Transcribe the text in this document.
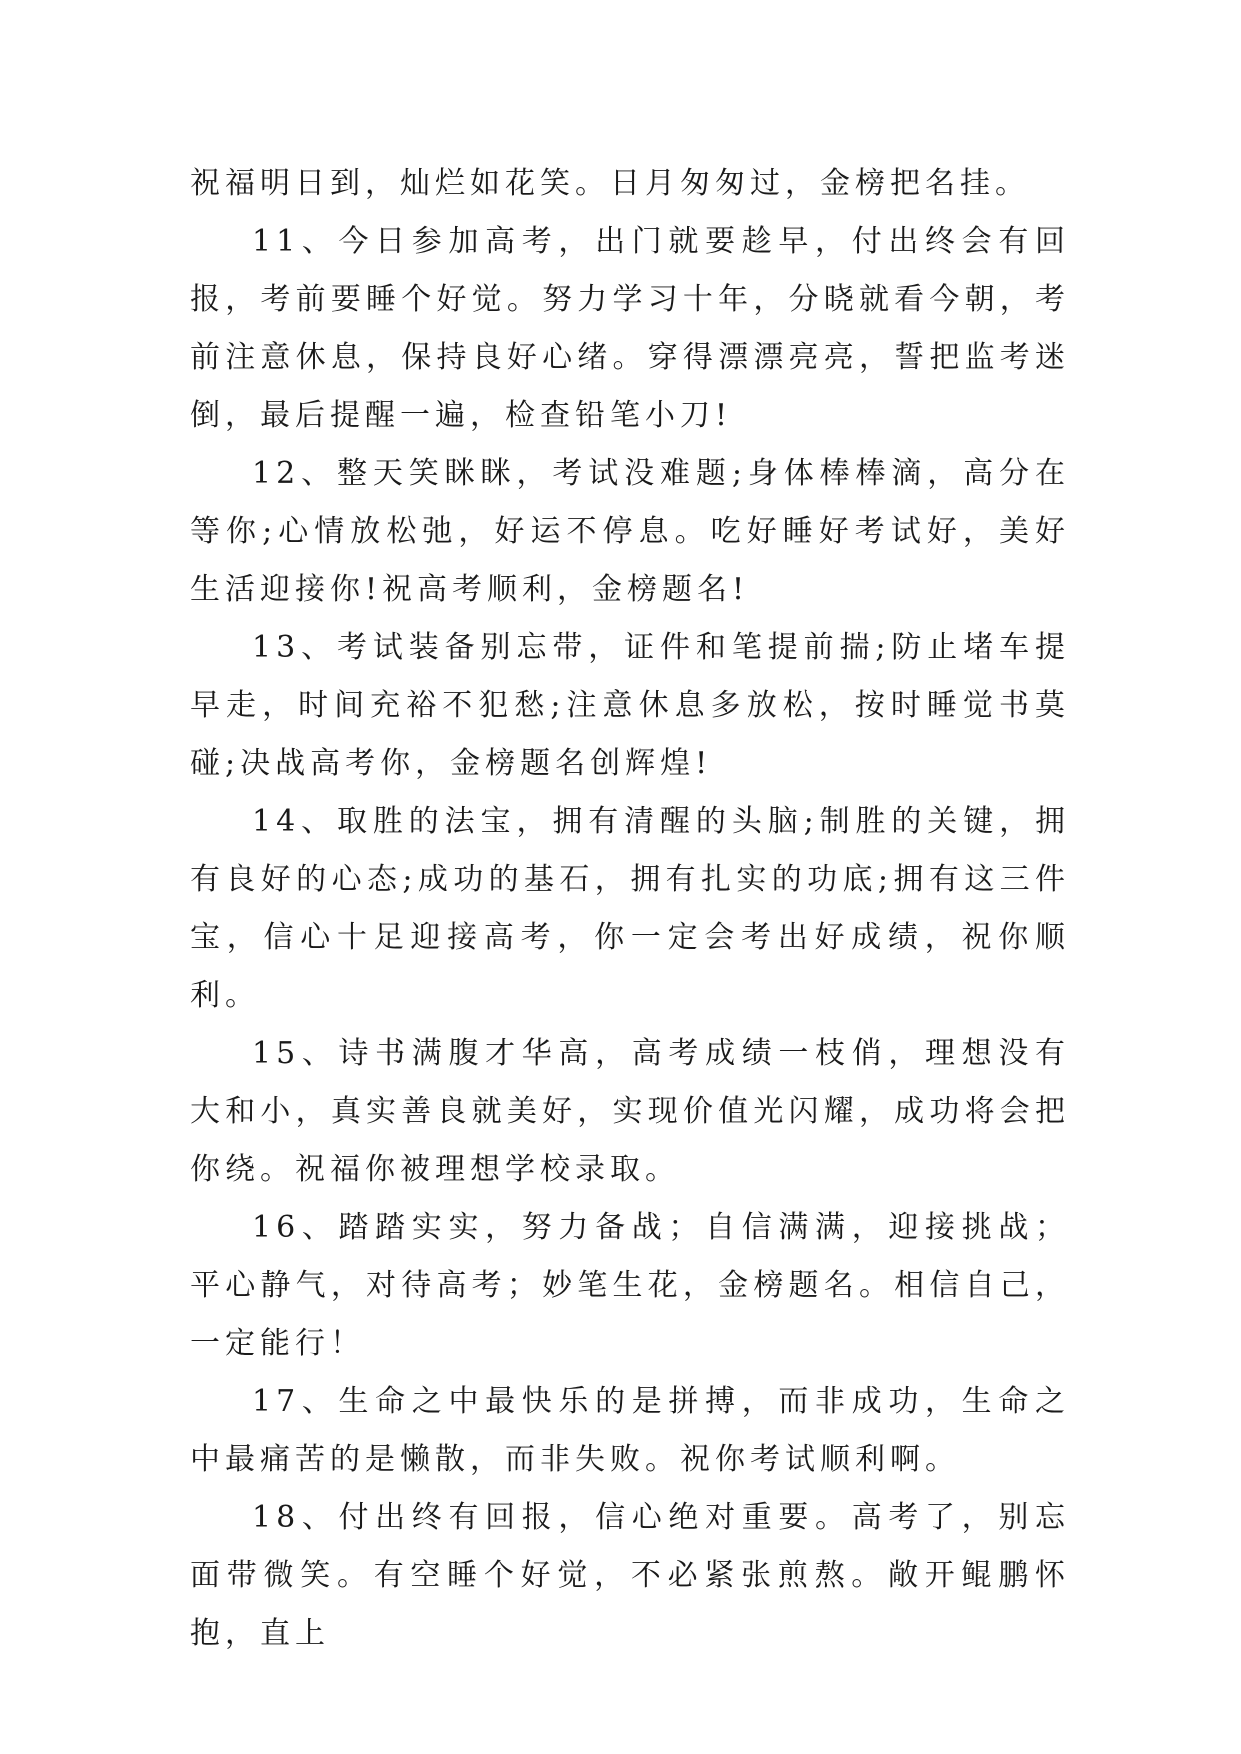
祝福明日到，灿烂如花笑。日月匆匆过，金榜把名挂。

11、今日参加高考，出门就要趁早，付出终会有回报，考前要睡个好觉。努力学习十年，分晓就看今朝，考前注意休息，保持良好心绪。穿得漂漂亮亮，誓把监考迷倒，最后提醒一遍，检查铅笔小刀!

12、整天笑眯眯，考试没难题;身体棒棒滴，高分在等你;心情放松弛，好运不停息。吃好睡好考试好，美好生活迎接你!祝高考顺利，金榜题名!

13、考试装备别忘带，证件和笔提前揣;防止堵车提早走，时间充裕不犯愁;注意休息多放松，按时睡觉书莫碰;决战高考你，金榜题名创辉煌!

14、取胜的法宝，拥有清醒的头脑;制胜的关键，拥有良好的心态;成功的基石，拥有扎实的功底;拥有这三件宝，信心十足迎接高考，你一定会考出好成绩，祝你顺利。

15、诗书满腹才华高，高考成绩一枝俏，理想没有大和小，真实善良就美好，实现价值光闪耀，成功将会把你绕。祝福你被理想学校录取。

16、踏踏实实，努力备战；自信满满，迎接挑战；平心静气，对待高考；妙笔生花，金榜题名。相信自己，一定能行！

17、生命之中最快乐的是拼搏，而非成功，生命之中最痛苦的是懒散，而非失败。祝你考试顺利啊。

18、付出终有回报，信心绝对重要。高考了，别忘面带微笑。有空睡个好觉，不必紧张煎熬。敞开鲲鹏怀抱，直上
